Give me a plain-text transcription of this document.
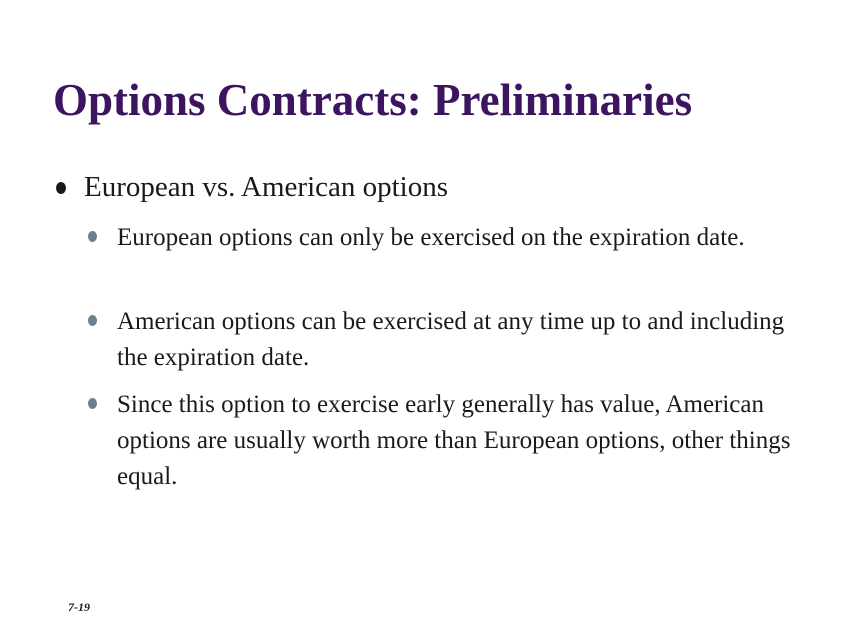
Options Contracts: Preliminaries
European vs. American options
European options can only be exercised on the expiration date.
American options can be exercised at any time up to and including the expiration date.
Since this option to exercise early generally has value, American options are usually worth more than European options, other things equal.
7-19
